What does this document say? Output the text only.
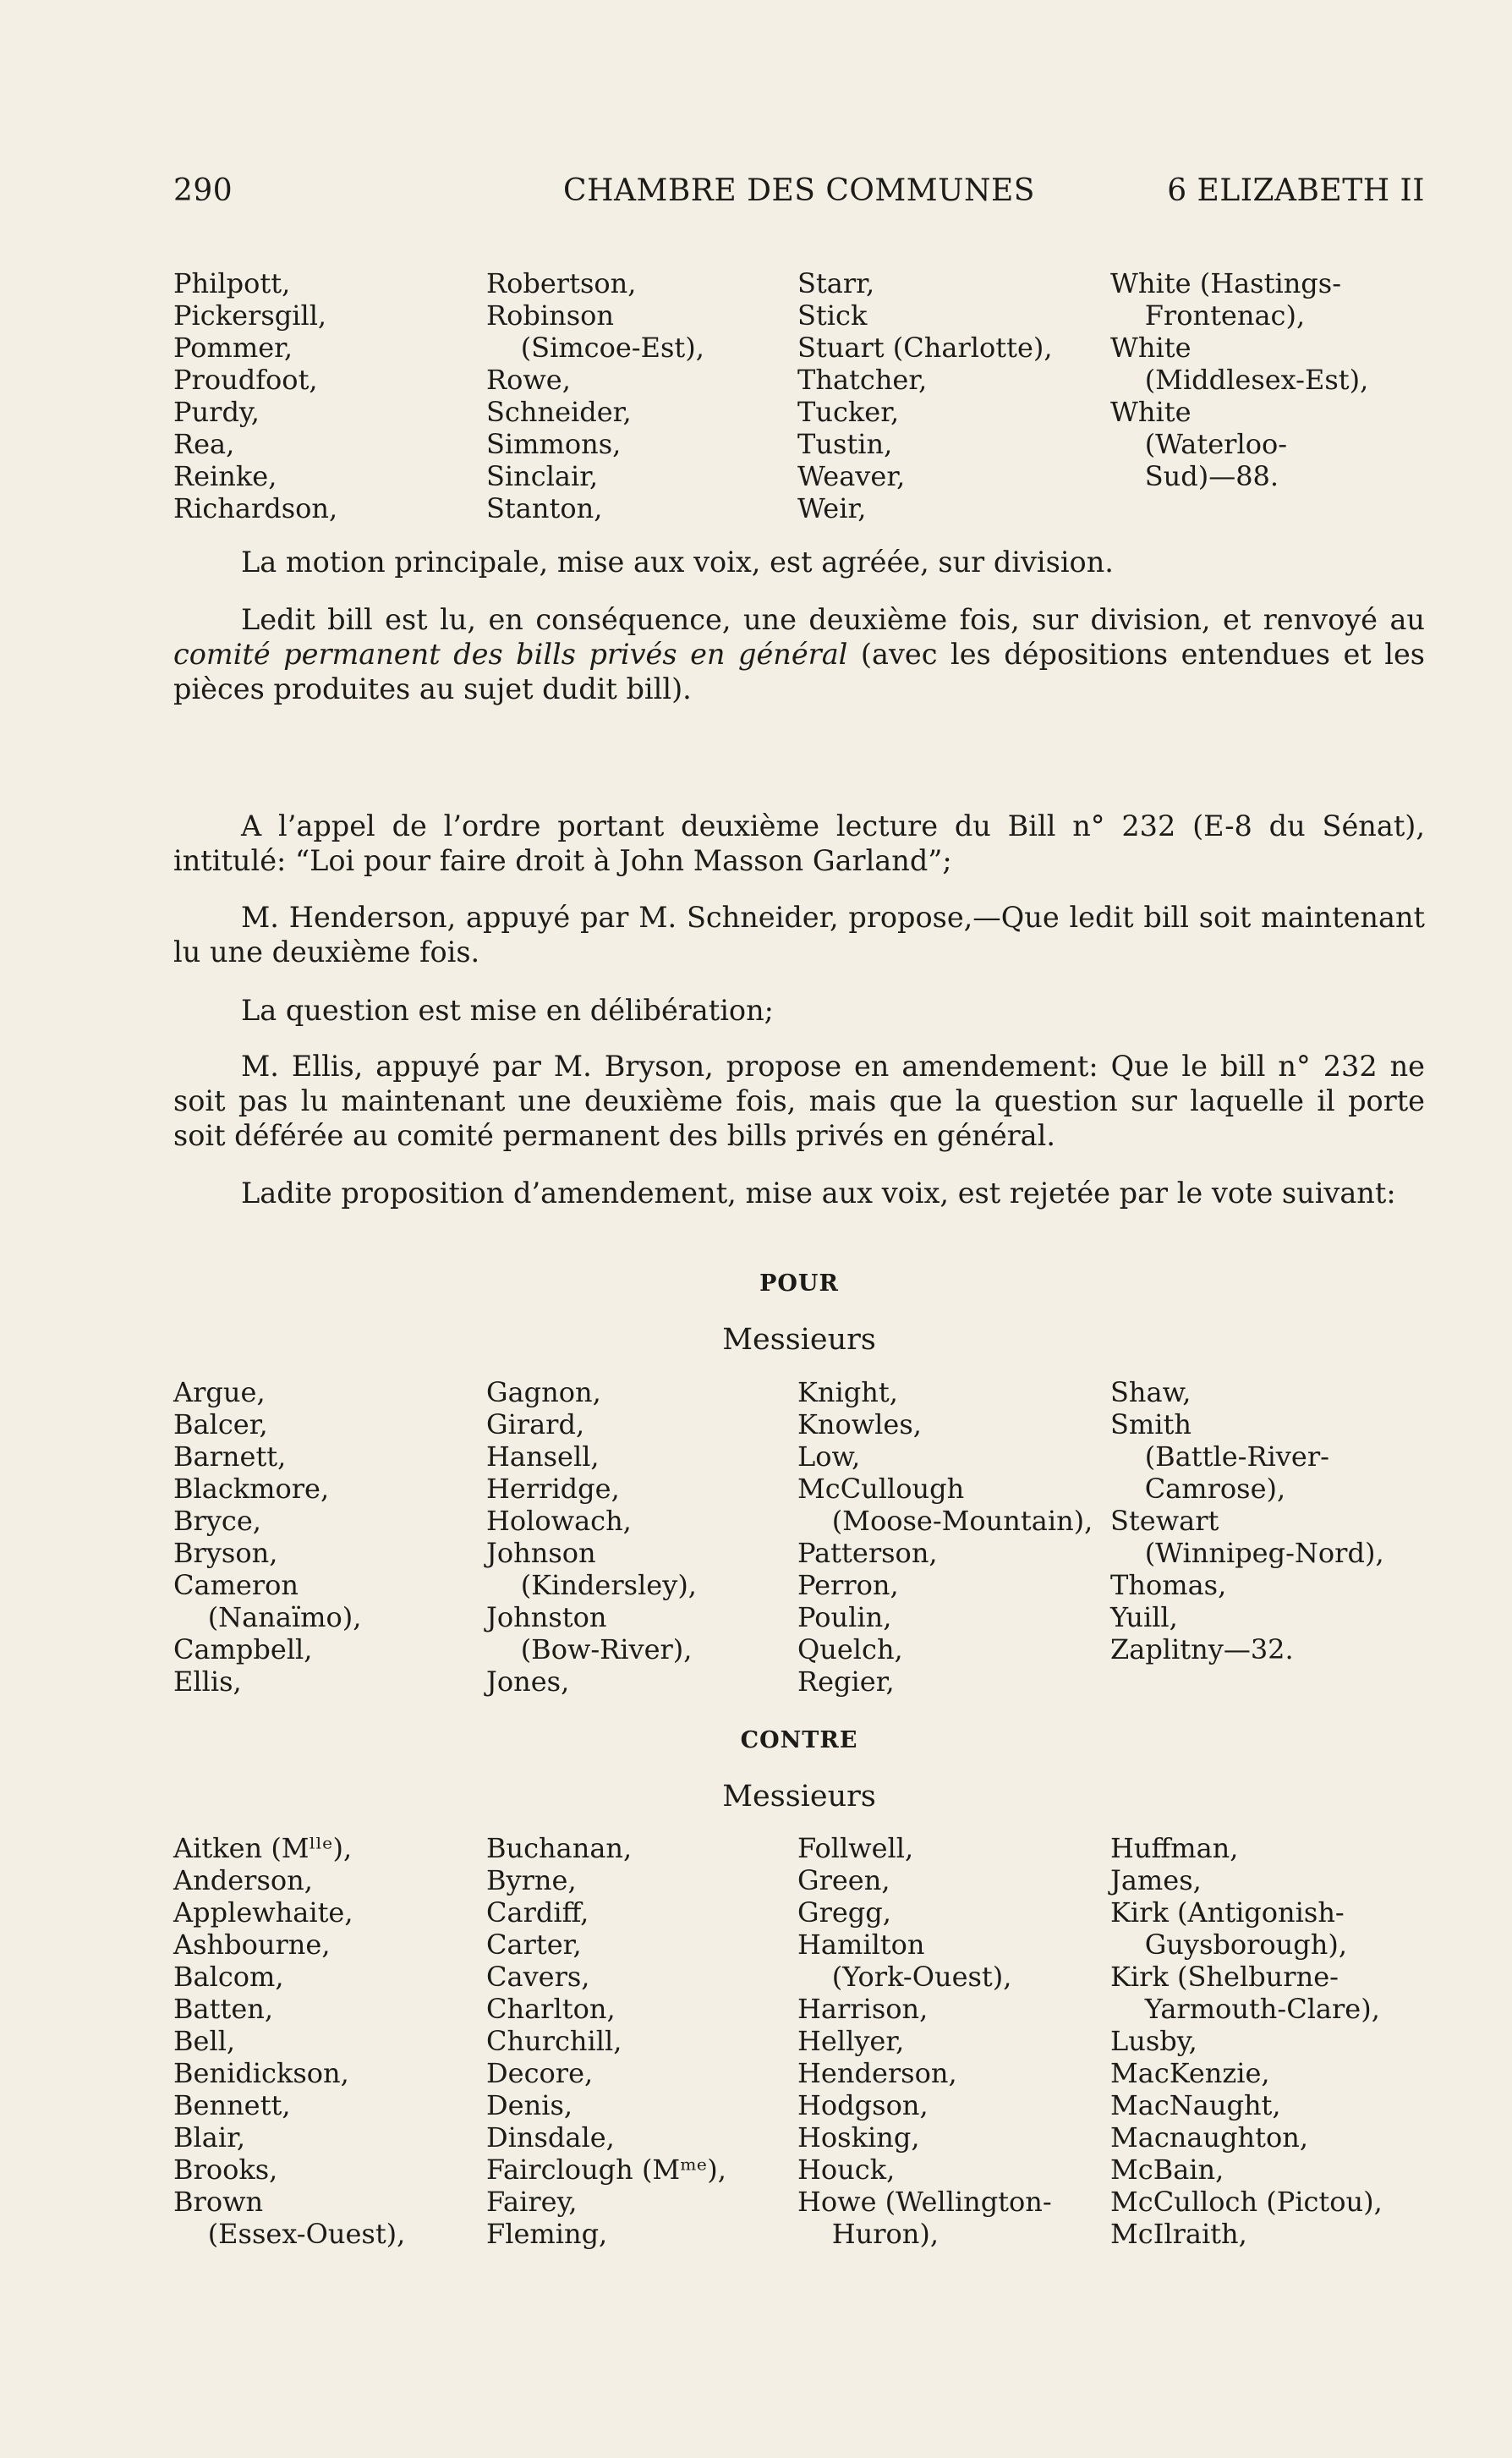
290	CHAMBRE DES COMMUNES	6 ELIZABETH II
Philpott,
Pickersgill,
Pommer,
Proudfoot,
Purdy,
Rea,
Reinke,
Richardson,
Robertson,
Robinson
(Simcoe-Est),
Rowe,
Schneider,
Simmons,
Sinclair,
Stanton,
Starr,
Stick
Stuart (Charlotte),
Thatcher,
Tucker,
Tustin,
Weaver,
Weir,
White (Hastings-
Frontenac),
White
(Middlesex-Est),
White
(Waterloo-
Sud)—88.
La motion principale, mise aux voix, est agréée, sur division.
Ledit bill est lu, en conséquence, une deuxième fois, sur division, et renvoyé au comité permanent des bills privés en général (avec les dépositions entendues et les pièces produites au sujet dudit bill).
A l’appel de l’ordre portant deuxième lecture du Bill n° 232 (E-8 du Sénat), intitulé: “Loi pour faire droit à John Masson Garland”;
M. Henderson, appuyé par M. Schneider, propose,—Que ledit bill soit maintenant lu une deuxième fois.
La question est mise en délibération;
M. Ellis, appuyé par M. Bryson, propose en amendement: Que le bill n° 232 ne soit pas lu maintenant une deuxième fois, mais que la question sur laquelle il porte soit déférée au comité permanent des bills privés en général.
Ladite proposition d’amendement, mise aux voix, est rejetée par le vote suivant:
POUR
Messieurs
Argue,
Balcer,
Barnett,
Blackmore,
Bryce,
Bryson,
Cameron
(Nanaïmo),
Campbell,
Ellis,
Gagnon,
Girard,
Hansell,
Herridge,
Holowach,
Johnson
(Kindersley),
Johnston
(Bow-River),
Jones,
Knight,
Knowles,
Low,
McCullough
(Moose-Mountain),
Patterson,
Perron,
Poulin,
Quelch,
Regier,
Shaw,
Smith
(Battle-River-
Camrose),
Stewart
(Winnipeg-Nord),
Thomas,
Yuill,
Zaplitny—32.
CONTRE
Messieurs
Aitken (Mˡˡᵉ),
Anderson,
Applewhaite,
Ashbourne,
Balcom,
Batten,
Bell,
Benidickson,
Bennett,
Blair,
Brooks,
Brown
(Essex-Ouest),
Buchanan,
Byrne,
Cardiff,
Carter,
Cavers,
Charlton,
Churchill,
Decore,
Denis,
Dinsdale,
Fairclough (Mᵐᵉ),
Fairey,
Fleming,
Follwell,
Green,
Gregg,
Hamilton
(York-Ouest),
Harrison,
Hellyer,
Henderson,
Hodgson,
Hosking,
Houck,
Howe (Wellington-
Huron),
Huffman,
James,
Kirk (Antigonish-
Guysborough),
Kirk (Shelburne-
Yarmouth-Clare),
Lusby,
MacKenzie,
MacNaught,
Macnaughton,
McBain,
McCulloch (Pictou),
McIlraith,
